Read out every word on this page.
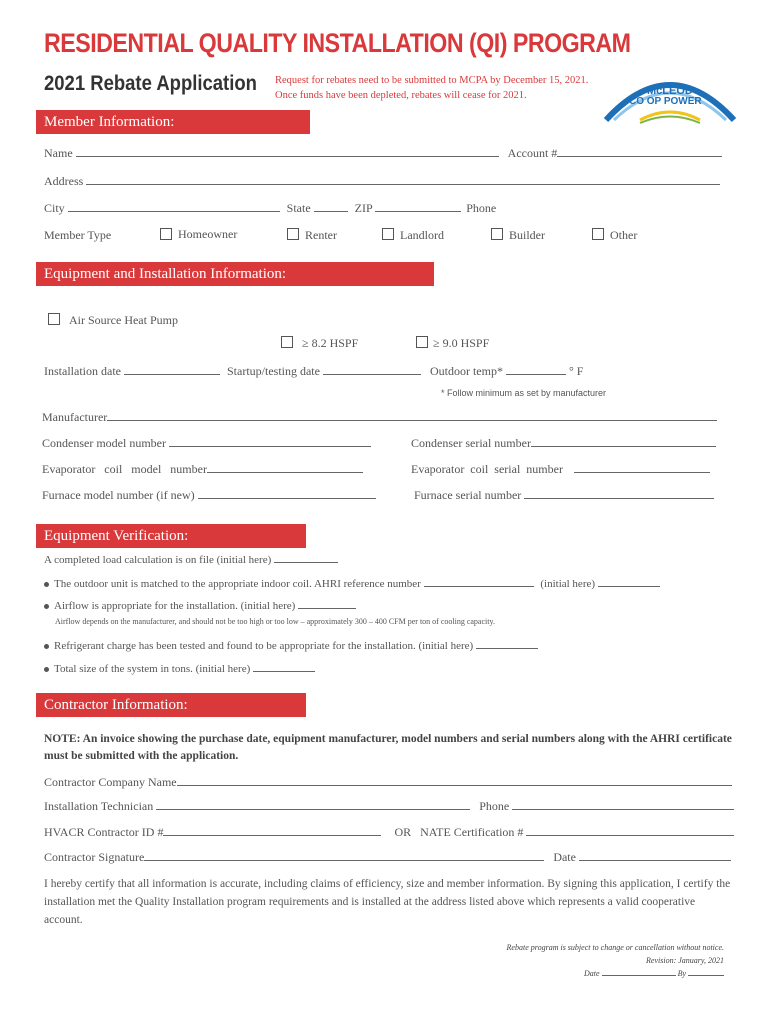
RESIDENTIAL QUALITY INSTALLATION (QI) PROGRAM
2021 Rebate Application Request for rebates need to be submitted to MCPA by December 15, 2021.
Once funds have been depleted, rebates will cease for 2021.	McLEOD
CO OP POWER
Member Information:
Name	Account #
Address
City	State	ZIP	Phone
Member Type	Homeowner	Renter	Landlord	Builder	Other
Equipment and Installation Information:
Air Source Heat Pump
≥ 8.2 HSPF	≥ 9.0 HSPF
Installation date	Startup/testing date	Outdoor temp*	° F
* Follow minimum as set by manufacturer
Manufacturer
Condenser model number	Condenser serial number
Evaporator   coil   model   number	Evaporator  coil  serial  number
Furnace model number (if new)	Furnace serial number
Equipment Verification:
A completed load calculation is on file (initial here)
The outdoor unit is matched to the appropriate indoor coil. AHRI reference number	(initial here)
Airflow is appropriate for the installation. (initial here)
Airflow depends on the manufacturer, and should not be too high or too low – approximately 300 – 400 CFM per ton of cooling capacity.
Refrigerant charge has been tested and found to be appropriate for the installation. (initial here)
Total size of the system in tons. (initial here)
Contractor Information:
NOTE: An invoice showing the purchase date, equipment manufacturer, model numbers and serial numbers along with the AHRI certificate must be submitted with the application.
Contractor Company Name
Installation Technician	Phone
HVACR Contractor ID #	OR NATE Certification #
Contractor Signature	Date
I hereby certify that all information is accurate, including claims of efficiency, size and member information. By signing this application, I certify the installation met the Quality Installation program requirements and is installed at the address listed above which represents a valid cooperative account.
Rebate program is subject to change or cancellation without notice.
Revision: January, 2021
Date	By
